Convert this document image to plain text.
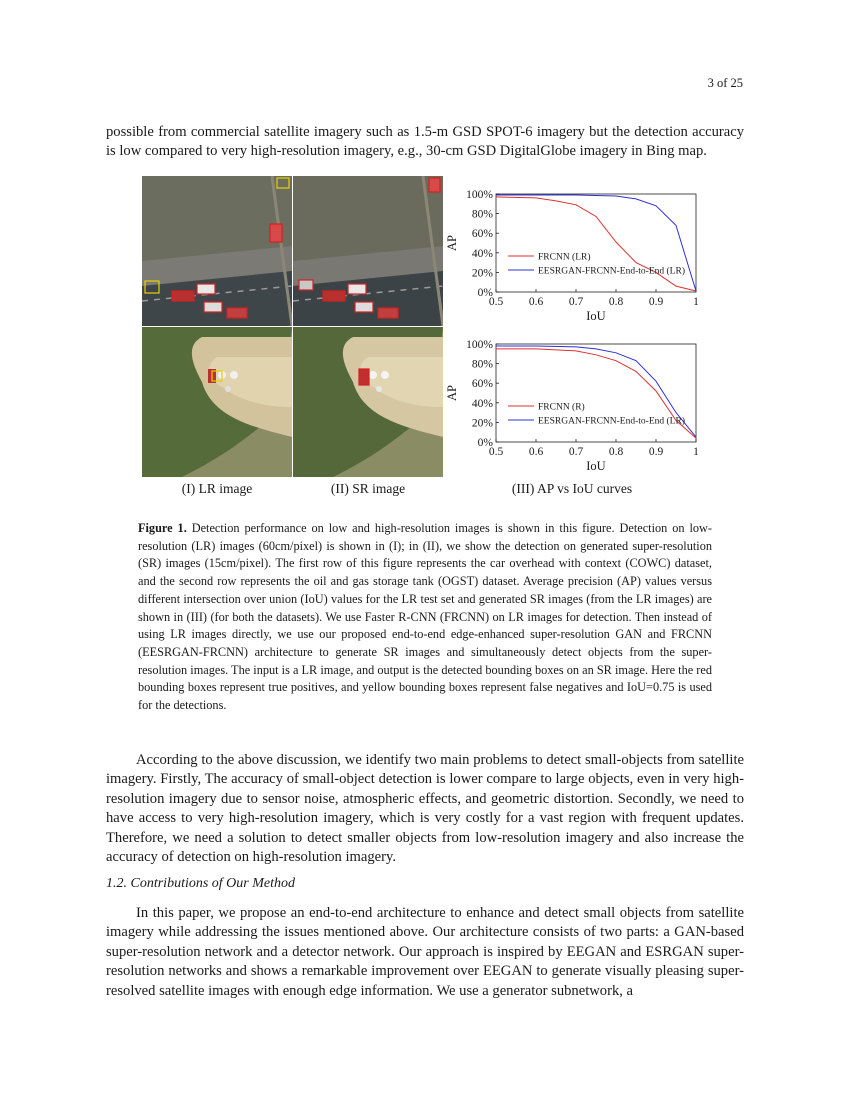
3 of 25

possible from commercial satellite imagery such as 1.5-m GSD SPOT-6 imagery but the detection accuracy is low compared to very high-resolution imagery, e.g., 30-cm GSD DigitalGlobe imagery in Bing map.

(I) LR image	(II) SR image	(III) AP vs IoU curves
0%
20%
40%
60%
80%
100%
0.5 0.6 0.7 0.8 0.9	1
IoU
AP
FRCNN (LR)
EESRGAN-FRCNN-End-to-End (LR)
0%
20%
40%
60%
80%
100%
0.5 0.6 0.7 0.8 0.9	1
IoU
AP
FRCNN (R)
EESRGAN-FRCNN-End-to-End (LR)

Figure 1. Detection performance on low and high-resolution images is shown in this figure. Detection on low-resolution (LR) images (60cm/pixel) is shown in (I); in (II), we show the detection on generated super-resolution (SR) images (15cm/pixel). The first row of this figure represents the car overhead with context (COWC) dataset, and the second row represents the oil and gas storage tank (OGST) dataset. Average precision (AP) values versus different intersection over union (IoU) values for the LR test set and generated SR images (from the LR images) are shown in (III) (for both the datasets). We use Faster R-CNN (FRCNN) on LR images for detection. Then instead of using LR images directly, we use our proposed end-to-end edge-enhanced super-resolution GAN and FRCNN (EESRGAN-FRCNN) architecture to generate SR images and simultaneously detect objects from the super-resolution images. The input is a LR image, and output is the detected bounding boxes on an SR image. Here the red bounding boxes represent true positives, and yellow bounding boxes represent false negatives and IoU=0.75 is used for the detections.

According to the above discussion, we identify two main problems to detect small-objects from satellite imagery. Firstly, The accuracy of small-object detection is lower compare to large objects, even in very high-resolution imagery due to sensor noise, atmospheric effects, and geometric distortion. Secondly, we need to have access to very high-resolution imagery, which is very costly for a vast region with frequent updates. Therefore, we need a solution to detect smaller objects from low-resolution imagery and also increase the accuracy of detection on high-resolution imagery.

1.2. Contributions of Our Method

In this paper, we propose an end-to-end architecture to enhance and detect small objects from satellite imagery while addressing the issues mentioned above. Our architecture consists of two parts: a GAN-based super-resolution network and a detector network. Our approach is inspired by EEGAN and ESRGAN super-resolution networks and shows a remarkable improvement over EEGAN to generate visually pleasing super-resolved satellite images with enough edge information. We use a generator subnetwork, a
